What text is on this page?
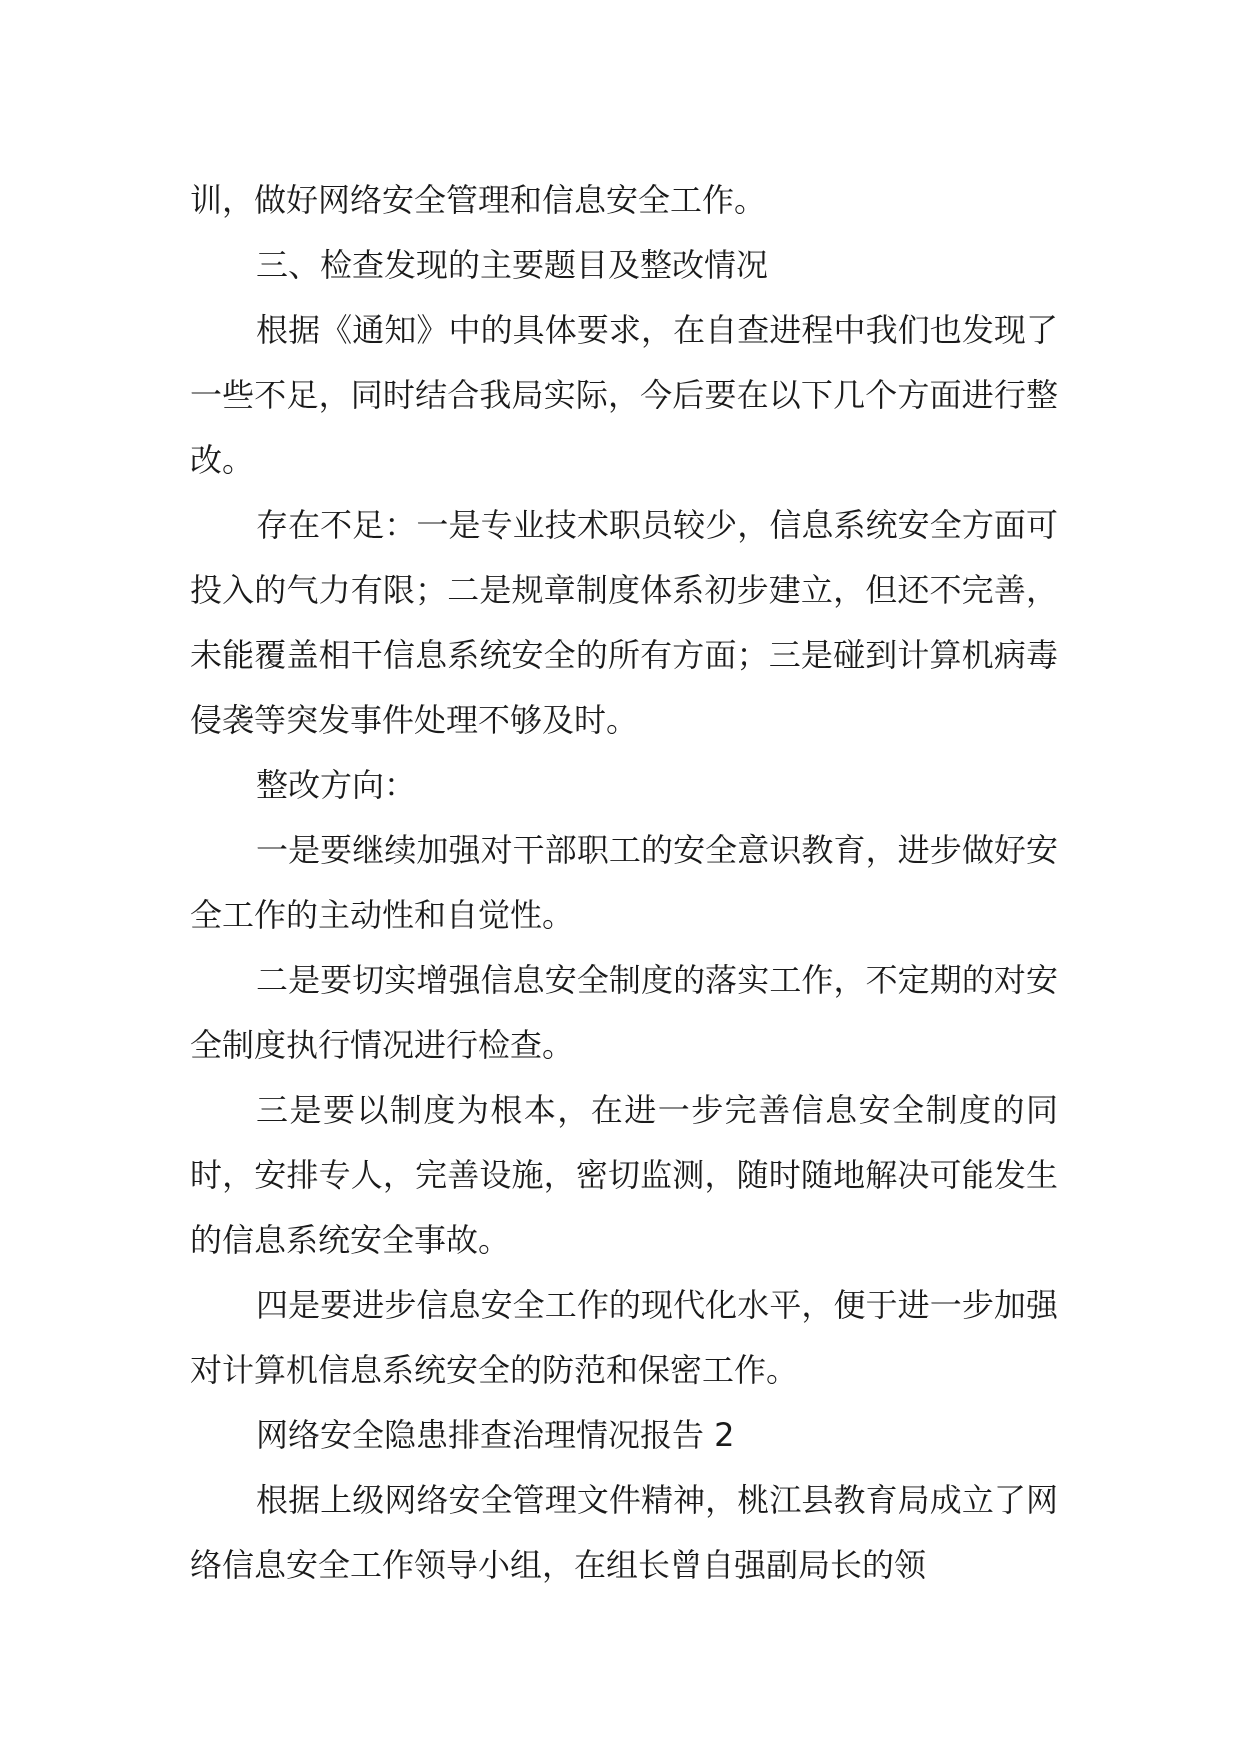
训，做好网络安全管理和信息安全工作。

三、检查发现的主要题目及整改情况

根据《通知》中的具体要求，在自查进程中我们也发现了一些不足，同时结合我局实际，今后要在以下几个方面进行整改。

存在不足：一是专业技术职员较少，信息系统安全方面可投入的气力有限；二是规章制度体系初步建立，但还不完善，未能覆盖相干信息系统安全的所有方面；三是碰到计算机病毒侵袭等突发事件处理不够及时。

整改方向：

一是要继续加强对干部职工的安全意识教育，进步做好安全工作的主动性和自觉性。

二是要切实增强信息安全制度的落实工作，不定期的对安全制度执行情况进行检查。

三是要以制度为根本，在进一步完善信息安全制度的同时，安排专人，完善设施，密切监测，随时随地解决可能发生的信息系统安全事故。

四是要进步信息安全工作的现代化水平，便于进一步加强对计算机信息系统安全的防范和保密工作。

网络安全隐患排查治理情况报告 2

根据上级网络安全管理文件精神，桃江县教育局成立了网络信息安全工作领导小组，在组长曾自强副局长的领
